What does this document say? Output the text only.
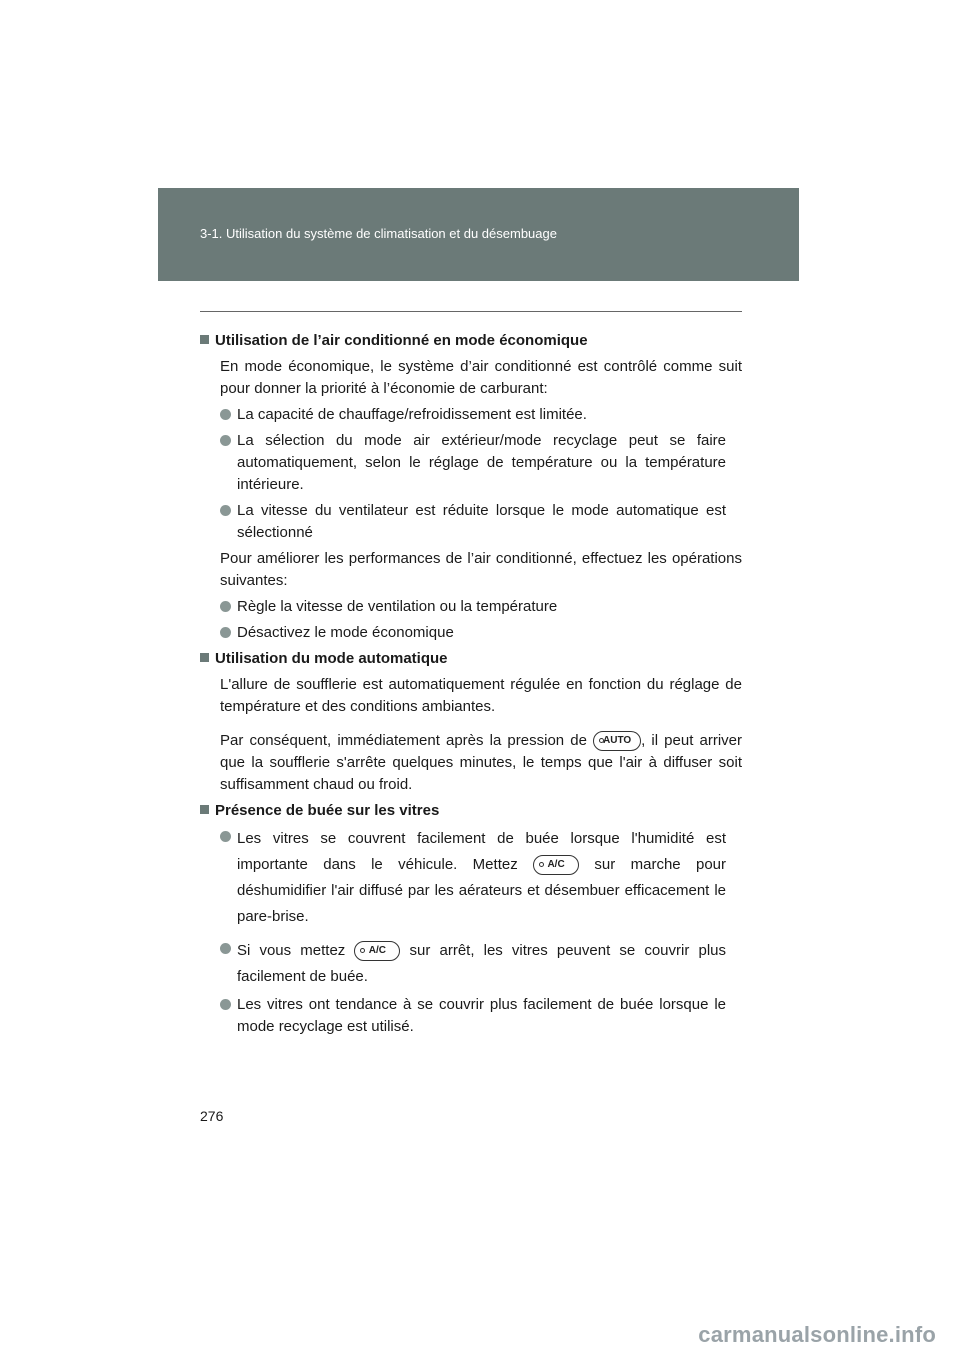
3-1. Utilisation du système de climatisation et du désembuage
Utilisation de l’air conditionné en mode économique

En mode économique, le système d’air conditionné est contrôlé comme suit pour donner la priorité à l’économie de carburant:

La capacité de chauffage/refroidissement est limitée.
La sélection du mode air extérieur/mode recyclage peut se faire automatiquement, selon le réglage de température ou la température intérieure.
La vitesse du ventilateur est réduite lorsque le mode automatique est sélectionné

Pour améliorer les performances de l’air conditionné, effectuez les opérations suivantes:

Règle la vitesse de ventilation ou la température
Désactivez le mode économique
Utilisation du mode automatique

L'allure de soufflerie est automatiquement régulée en fonction du réglage de température et des conditions ambiantes.

Par conséquent, immédiatement après la pression de AUTO , il peut arriver que la soufflerie s'arrête quelques minutes, le temps que l'air à diffuser soit suffisamment chaud ou froid.

Présence de buée sur les vitres
Les vitres se couvrent facilement de buée lorsque l'humidité est importante dans le véhicule. Mettez A/C sur marche pour déshumidifier l'air diffusé par les aérateurs et désembuer efficacement le pare-brise.
Si vous mettez A/C sur arrêt, les vitres peuvent se couvrir plus facilement de buée.
Les vitres ont tendance à se couvrir plus facilement de buée lorsque le mode recyclage est utilisé.
276
carmanualsonline.info
